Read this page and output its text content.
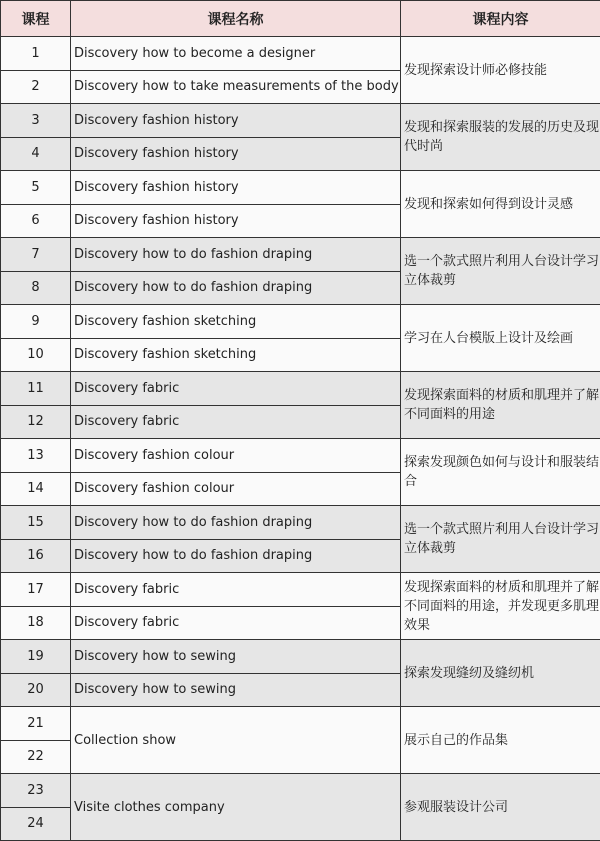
课程	课程名称	课程内容
1	Discovery how to become a designer	发现探索设计师必修技能
2	Discovery how to take measurements of the body	
3	Discovery fashion history	发现和探索服装的发展的历史及现代时尚
4	Discovery fashion history	
5	Discovery fashion history	发现和探索如何得到设计灵感
6	Discovery fashion history	
7	Discovery how to do fashion draping	选一个款式照片利用人台设计学习立体裁剪
8	Discovery how to do fashion draping	
9	Discovery fashion sketching	学习在人台模版上设计及绘画
10	Discovery fashion sketching	
11	Discovery fabric	发现探索面料的材质和肌理并了解不同面料的用途
12	Discovery fabric	
13	Discovery fashion colour	探索发现颜色如何与设计和服装结合
14	Discovery fashion colour	
15	Discovery how to do fashion draping	选一个款式照片利用人台设计学习立体裁剪
16	Discovery how to do fashion draping	
17	Discovery fabric	发现探索面料的材质和肌理并了解不同面料的用途，并发现更多肌理效果
18	Discovery fabric	
19	Discovery how to sewing	探索发现缝纫及缝纫机
20	Discovery how to sewing	
21	Collection show	展示自己的作品集
22		
23	Visite clothes company	参观服装设计公司
24		
